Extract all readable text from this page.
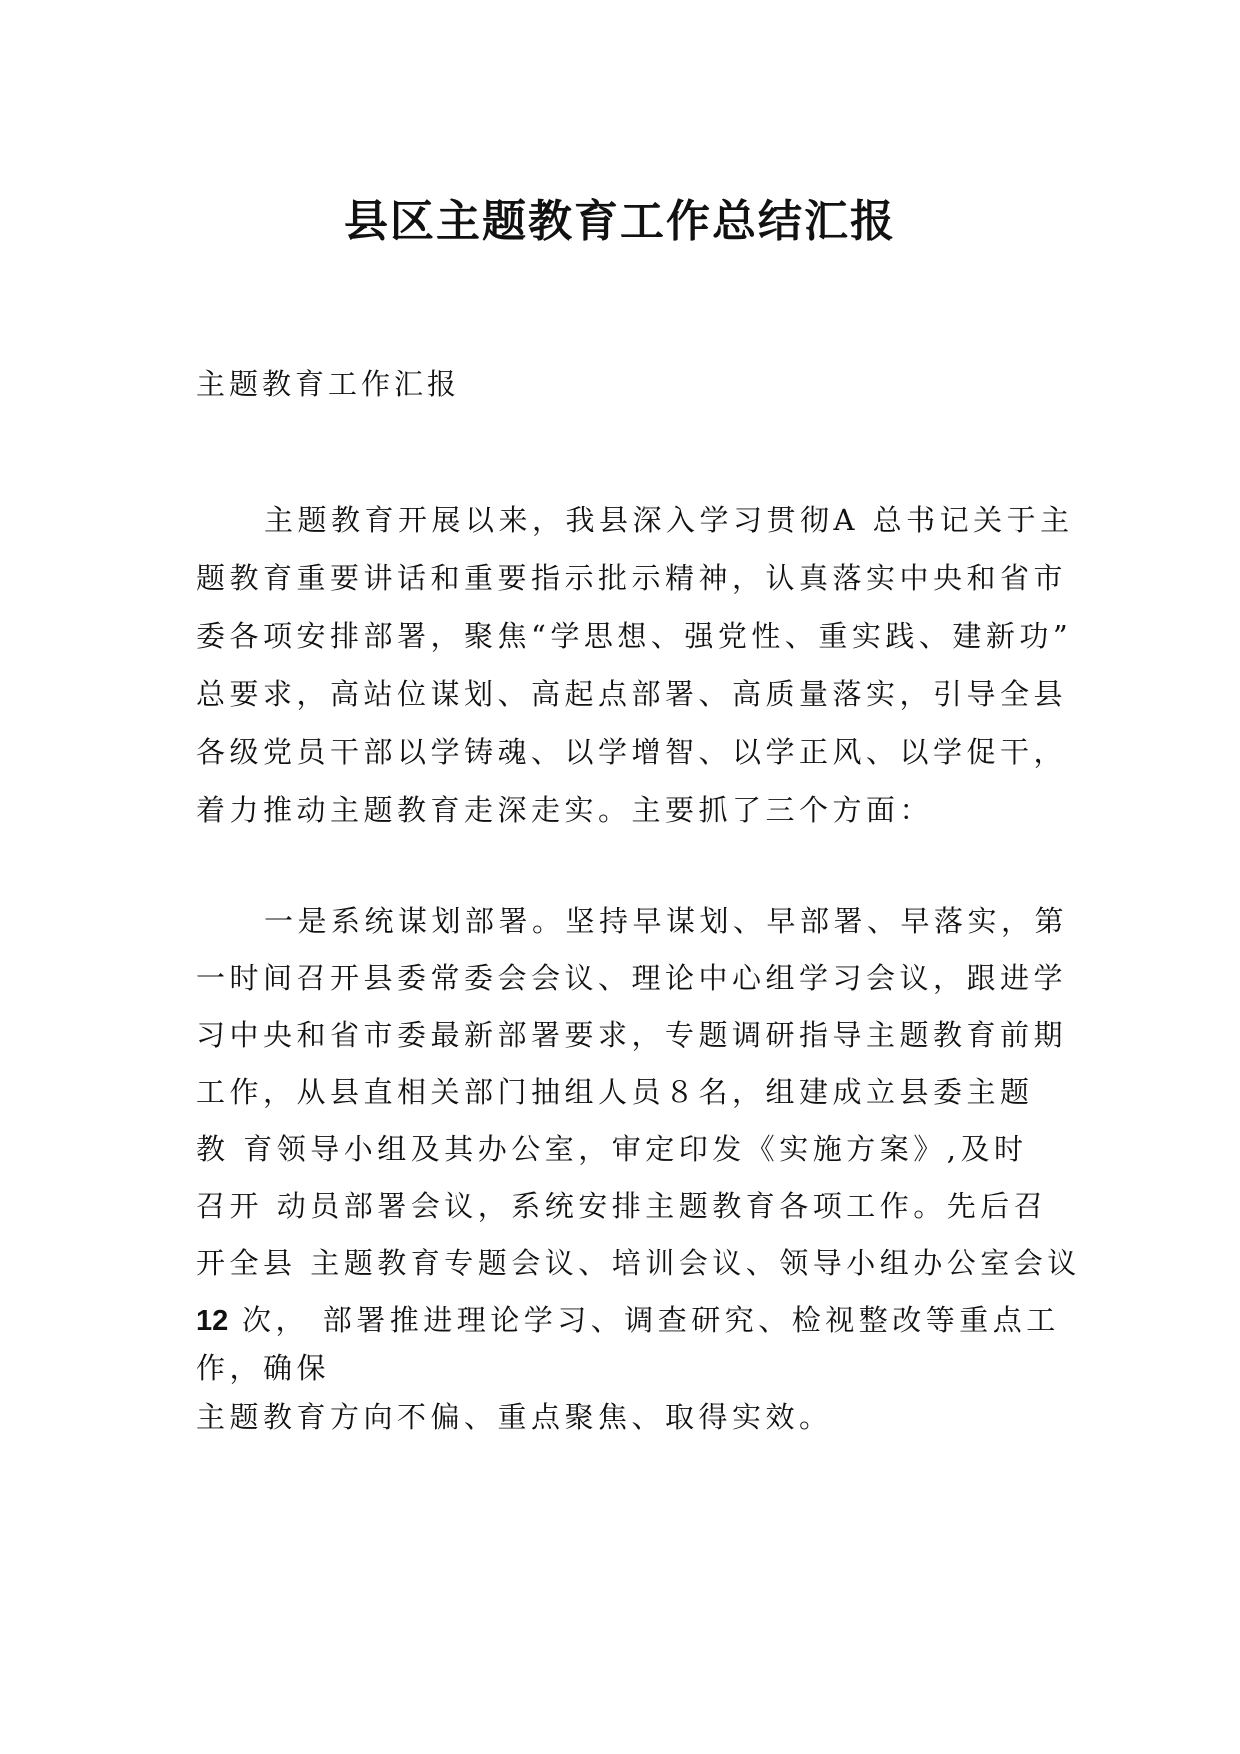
县区主题教育工作总结汇报

主题教育工作汇报

主题教育开展以来，我县深入学习贯彻A 总书记关于主
题教育重要讲话和重要指示批示精神，认真落实中央和省市
委各项安排部署，聚焦“学思想、强党性、重实践、建新功”
总要求，高站位谋划、高起点部署、高质量落实，引导全县
各级党员干部以学铸魂、以学增智、以学正风、以学促干，
着力推动主题教育走深走实。主要抓了三个方面：
一是系统谋划部署。坚持早谋划、早部署、早落实，第
一时间召开县委常委会会议、理论中心组学习会议，跟进学
习中央和省市委最新部署要求，专题调研指导主题教育前期
工作，从县直相关部门抽组人员８名，组建成立县委主题
教 育领导小组及其办公室，审定印发《实施方案》,及时
召开 动员部署会议，系统安排主题教育各项工作。先后召
开全县 主题教育专题会议、培训会议、领导小组办公室会议
12 次， 部署推进理论学习、调查研究、检视整改等重点工
作，确保
主题教育方向不偏、重点聚焦、取得实效。
